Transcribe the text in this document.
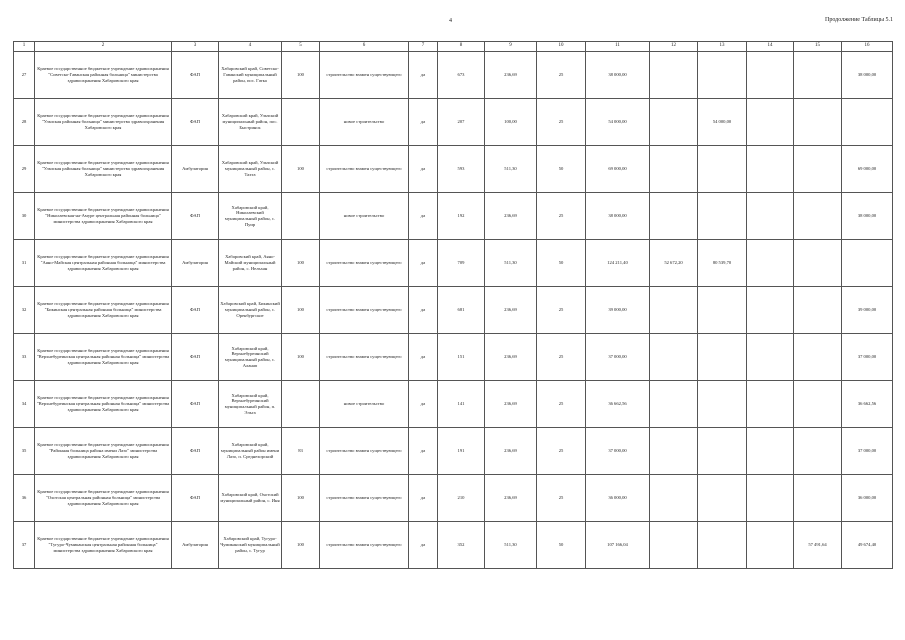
4	Продолжение Таблицы 5.1
1	2	3	4	5	6	7	8	9	10	11	12	13	14	15	16
27	Краевое государственное бюджетное учреждение здравоохранения "Советско-Гаванская районная больница" министерства здравоохранения Хабаровского края	ФАП	Хабаровский край, Советско-Гаванский муниципальный район, пос. Гатка	100	строительство взамен существующего	да	673	236,69	25	38 000,00					38 000,00
28	Краевое государственное бюджетное учреждение здравоохранения "Ульчская районная больница" министерства здравоохранения Хабаровского края	ФАП	Хабаровский край, Ульчский муниципальный район, пос. Быстринск		новое строительство	да	207	100,00	25	54 000,00		54 000,00			
29	Краевое государственное бюджетное учреждение здравоохранения "Ульчская районная больница" министерства здравоохранения Хабаровского края	Амбулатория	Хабаровский край, Ульчский муниципальный район, с. Тахта	100	строительство взамен существующего	да	593	511,30	50	69 000,00					69 000,00
30	Краевое государственное бюджетное учреждение здравоохранения "Николаевская-на-Амуре центральная районная больница" министерства здравоохранения Хабаровского края	ФАП	Хабаровский край, Николаевский муниципальный район, с. Пуир		новое строительство	да	192	236,69	25	38 000,00					38 000,00
31	Краевое государственное бюджетное учреждение здравоохранения "Аяно-Майская центральная районная больница" министерства здравоохранения Хабаровского края	Амбулатория	Хабаровский край, Аяно-Майский муниципальный район, с. Нельхан	100	строительство взамен существующего	да	709	511,30	50	124 211,40	52 672,20	80 539,70			
32	Краевое государственное бюджетное учреждение здравоохранения "Бикинская центральная районная больница" министерства здравоохранения Хабаровского края	ФАП	Хабаровский край, Бикинский муниципальный район, с. Оренбургское	100	строительство взамен существующего	да	681	236,69	25	39 000,00					39 000,00
33	Краевое государственное бюджетное учреждение здравоохранения "Верхнебуреинская центральная районная больница" министерства здравоохранения Хабаровского края	ФАП	Хабаровский край, Верхнебуреинский муниципальный район, с. Аланап	100	строительство взамен существующего	да	151	236,69	25	37 000,00					37 000,00
34	Краевое государственное бюджетное учреждение здравоохранения "Верхнебуреинская центральная районная больница" министерства здравоохранения Хабаровского края	ФАП	Хабаровский край, Верхнебуреинский муниципальный район, п. Эльга		новое строительство	да	141	236,69	25	36 662,56					36 662,56
35	Краевое государственное бюджетное учреждение здравоохранения "Районная больница района имени Лазо" министерства здравоохранения Хабаровского края	ФАП	Хабаровский край, муниципальный район имени Лазо, п. Среднехорский	83	строительство взамен существующего	да	191	236,69	25	37 000,00					37 000,00
36	Краевое государственное бюджетное учреждение здравоохранения "Охотская центральная районная больница" министерства здравоохранения Хабаровского края	ФАП	Хабаровский край, Охотский муниципальный район, с. Иня	100	строительство взамен существующего	да	210	236,69	25	36 000,00					36 000,00
37	Краевое государственное бюджетное учреждение здравоохранения "Тугуро-Чумиканская центральная районная больница" министерства здравоохранения Хабаровского края	Амбулатория	Хабаровский край, Тугуро-Чумиканский муниципальный район, с. Тугур	100	строительство взамен существующего	да	352	511,30	50	107 166,04				57 491,64	49 674,40
